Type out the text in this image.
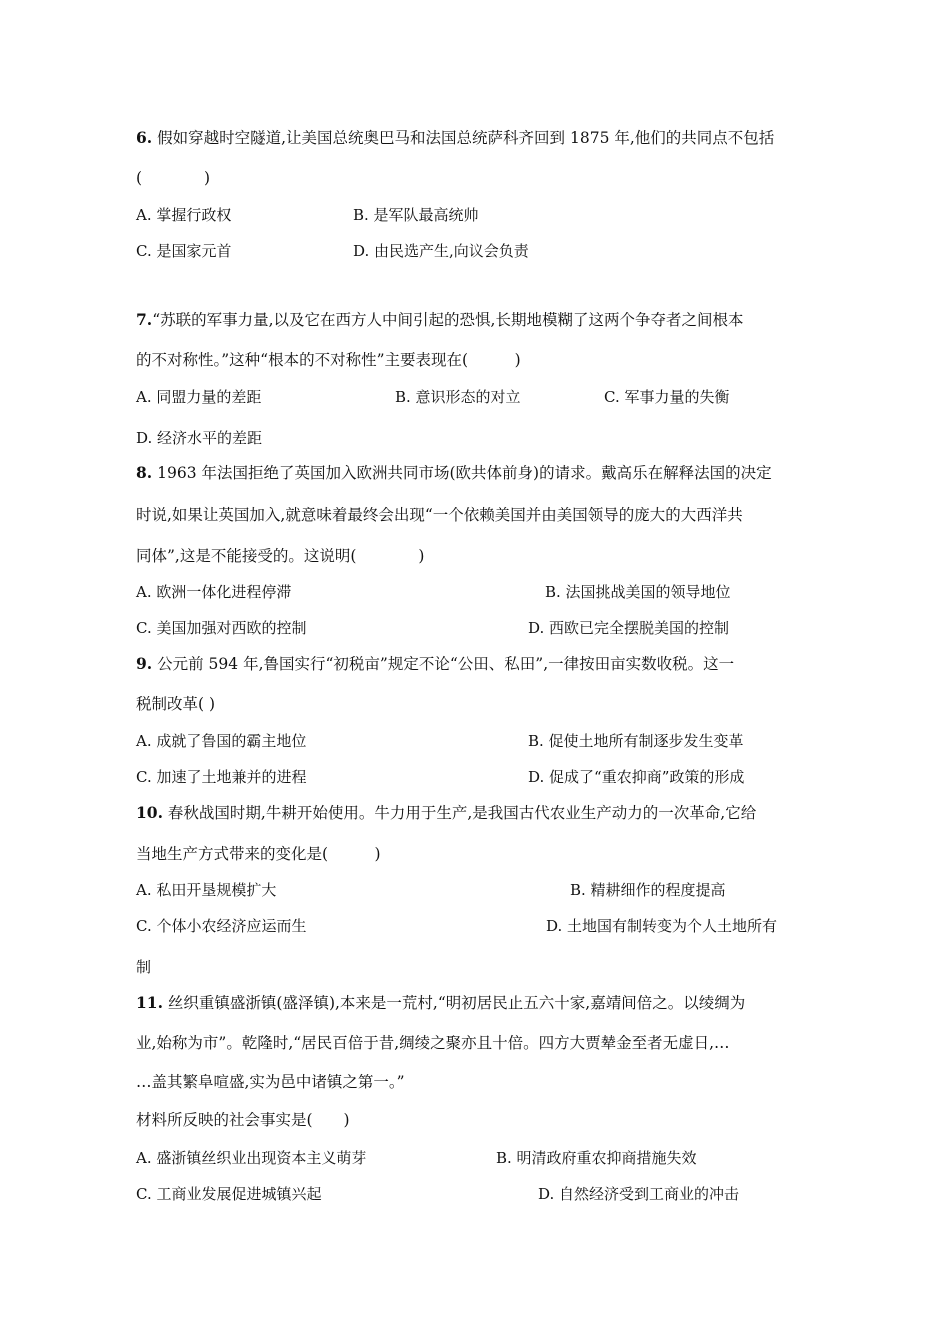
6. 假如穿越时空隧道,让美国总统奥巴马和法国总统萨科齐回到 1875 年,他们的共同点不包括
(　　　　)
A. 掌握行政权	B. 是军队最高统帅
C. 是国家元首	D. 由民选产生,向议会负责
7.“苏联的军事力量,以及它在西方人中间引起的恐惧,长期地模糊了这两个争夺者之间根本
的不对称性。”这种“根本的不对称性”主要表现在(　　　)
A. 同盟力量的差距	B. 意识形态的对立	C. 军事力量的失衡
D. 经济水平的差距
8. 1963 年法国拒绝了英国加入欧洲共同市场(欧共体前身)的请求。戴高乐在解释法国的决定
时说,如果让英国加入,就意味着最终会出现“一个依赖美国并由美国领导的庞大的大西洋共
同体”,这是不能接受的。这说明(　　　　)
A. 欧洲一体化进程停滞	B. 法国挑战美国的领导地位
C. 美国加强对西欧的控制	D. 西欧已完全摆脱美国的控制
9. 公元前 594 年,鲁国实行“初税亩”规定不论“公田、私田”,一律按田亩实数收税。这一
税制改革( )
A. 成就了鲁国的霸主地位	B. 促使土地所有制逐步发生变革
C. 加速了土地兼并的进程	D. 促成了“重农抑商”政策的形成
10. 春秋战国时期,牛耕开始使用。牛力用于生产,是我国古代农业生产动力的一次革命,它给
当地生产方式带来的变化是(　　　)
A. 私田开垦规模扩大	B. 精耕细作的程度提高
C. 个体小农经济应运而生	D. 土地国有制转变为个人土地所有
制
11. 丝织重镇盛浙镇(盛泽镇),本来是一荒村,“明初居民止五六十家,嘉靖间倍之。以绫绸为
业,始称为市”。乾隆时,“居民百倍于昔,绸绫之聚亦且十倍。四方大贾辇金至者无虚日,…
…盖其繁阜喧盛,实为邑中诸镇之第一。”
材料所反映的社会事实是(　　)
A. 盛浙镇丝织业出现资本主义萌芽	B. 明清政府重农抑商措施失效
C. 工商业发展促进城镇兴起	D. 自然经济受到工商业的冲击
